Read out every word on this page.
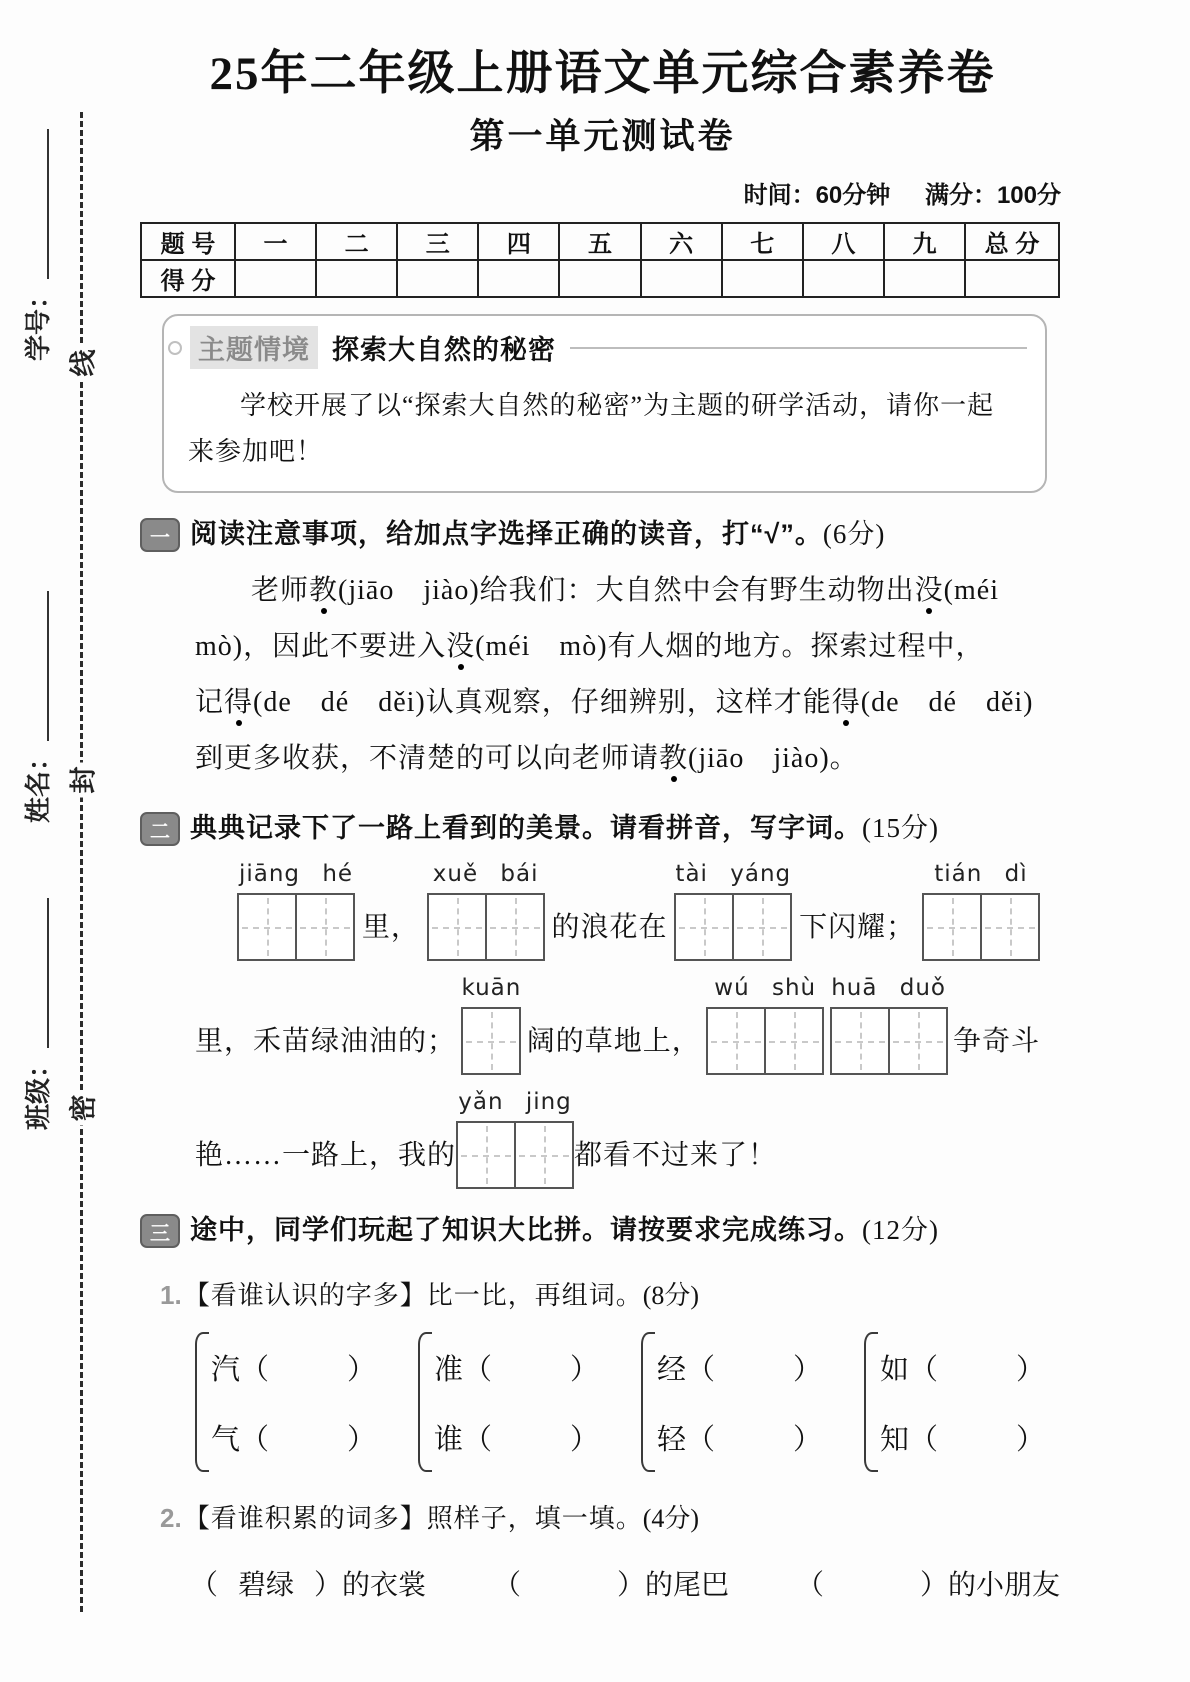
学号：
姓名：
班级：
线
封
密
25年二年级上册语文单元综合素养卷
第一单元测试卷
时间：60分钟 满分：100分
题 号	一	二	三	四	五	六	七	八	九	总 分
得 分										
主题情境 探索大自然的秘密

学校开展了以“探索大自然的秘密”为主题的研学活动，请你一起来参加吧！

一 阅读注意事项，给加点字选择正确的读音，打“√”。(6分)
老师教(jiāo　jiào)给我们：大自然中会有野生动物出没(méi
mò)，因此不要进入没(méi　mò)有人烟的地方。探索过程中，
记得(de　dé　děi)认真观察，仔细辨别，这样才能得(de　dé　děi)
到更多收获，不清楚的可以向老师请教(jiāo　jiào)。
二 典典记录下了一路上看到的美景。请看拼音，写字词。(15分)
jiāng hé
里，
xuě bái
的浪花在
tài yáng
下闪耀；
tián dì
里，禾苗绿油油的；
kuān
阔的草地上，
wú shù huā duǒ
争奇斗
艳……一路上，我的
yǎn jing
都看不过来了！
三 途中，同学们玩起了知识大比拼。请按要求完成练习。(12分)
1.【看谁认识的字多】比一比，再组词。(8分)
汽 （	）
气 （	）
准 （	）
谁 （	）
经 （	）
轻 （	）
如 （	）
知 （	）
2.【看谁积累的词多】照样子，填一填。(4分)
（ 碧绿 ）的衣裳 （	）的尾巴 （	）的小朋友
